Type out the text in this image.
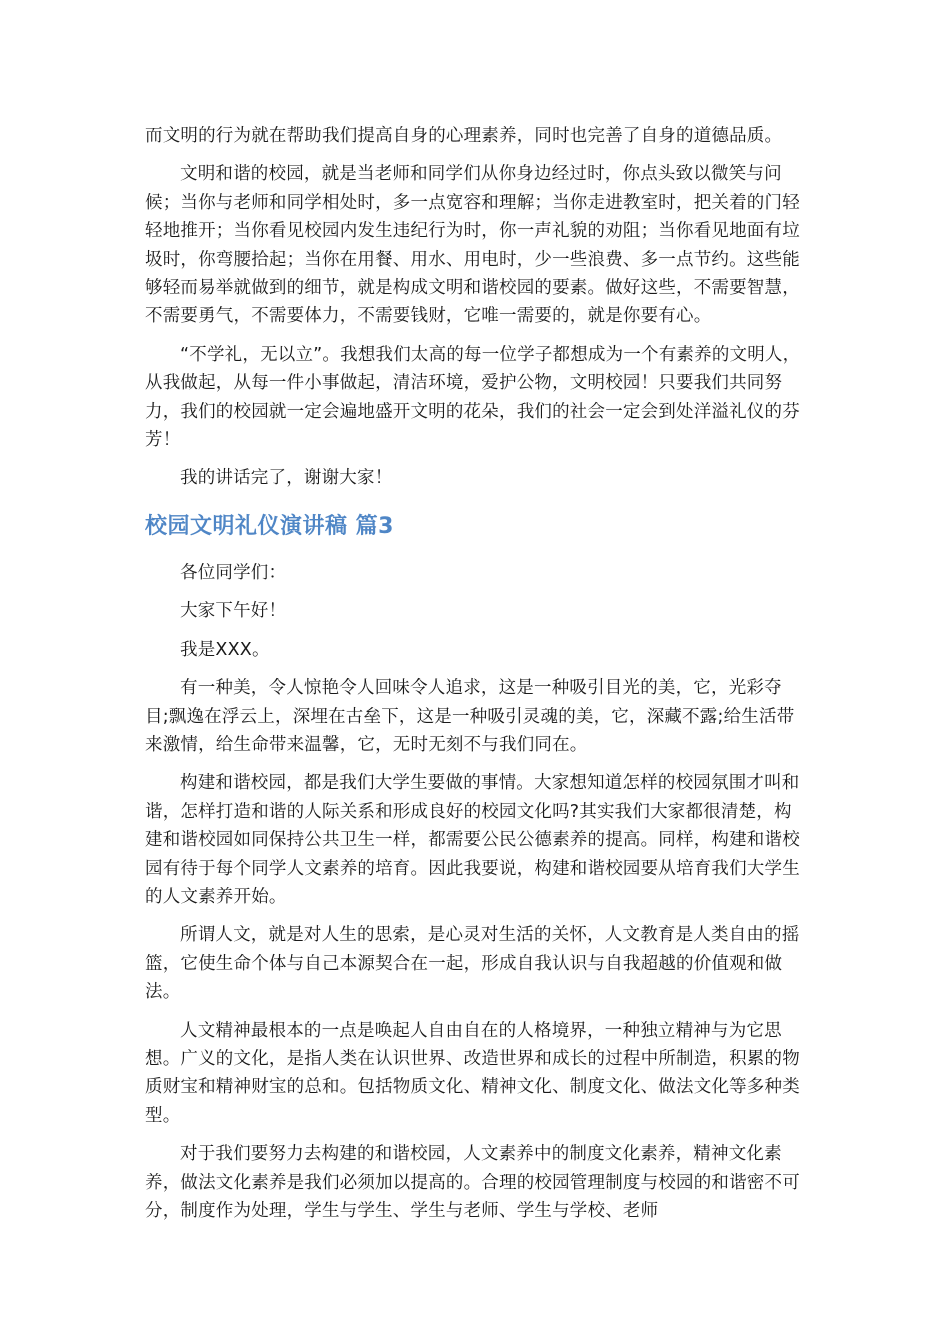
而文明的行为就在帮助我们提高自身的心理素养，同时也完善了自身的道德品质。

文明和谐的校园，就是当老师和同学们从你身边经过时，你点头致以微笑与问候；当你与老师和同学相处时，多一点宽容和理解；当你走进教室时，把关着的门轻轻地推开；当你看见校园内发生违纪行为时，你一声礼貌的劝阻；当你看见地面有垃圾时，你弯腰拾起；当你在用餐、用水、用电时，少一些浪费、多一点节约。这些能够轻而易举就做到的细节，就是构成文明和谐校园的要素。做好这些，不需要智慧，不需要勇气，不需要体力，不需要钱财，它唯一需要的，就是你要有心。

“不学礼，无以立”。我想我们太高的每一位学子都想成为一个有素养的文明人，从我做起，从每一件小事做起，清洁环境，爱护公物，文明校园！只要我们共同努力，我们的校园就一定会遍地盛开文明的花朵，我们的社会一定会到处洋溢礼仪的芬芳！

我的讲话完了，谢谢大家！

校园文明礼仪演讲稿 篇3

各位同学们：

大家下午好！

我是XXX。

有一种美，令人惊艳令人回味令人追求，这是一种吸引目光的美，它，光彩夺目;飘逸在浮云上，深埋在古垒下，这是一种吸引灵魂的美，它，深藏不露;给生活带来激情，给生命带来温馨，它，无时无刻不与我们同在。

构建和谐校园，都是我们大学生要做的事情。大家想知道怎样的校园氛围才叫和谐，怎样打造和谐的人际关系和形成良好的校园文化吗?其实我们大家都很清楚，构建和谐校园如同保持公共卫生一样，都需要公民公德素养的提高。同样，构建和谐校园有待于每个同学人文素养的培育。因此我要说，构建和谐校园要从培育我们大学生的人文素养开始。

所谓人文，就是对人生的思索，是心灵对生活的关怀，人文教育是人类自由的摇篮，它使生命个体与自己本源契合在一起，形成自我认识与自我超越的价值观和做法。

人文精神最根本的一点是唤起人自由自在的人格境界，一种独立精神与为它思想。广义的文化，是指人类在认识世界、改造世界和成长的过程中所制造，积累的物质财宝和精神财宝的总和。包括物质文化、精神文化、制度文化、做法文化等多种类型。

对于我们要努力去构建的和谐校园，人文素养中的制度文化素养，精神文化素养，做法文化素养是我们必须加以提高的。合理的校园管理制度与校园的和谐密不可分，制度作为处理，学生与学生、学生与老师、学生与学校、老师
